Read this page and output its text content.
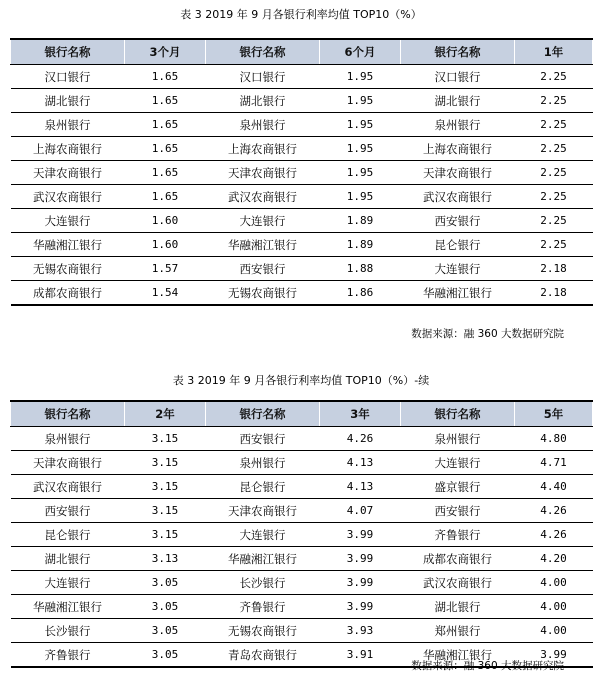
表 3 2019 年 9 月各银行利率均值 TOP10（%）
银行名称	3个月	银行名称	6个月	银行名称	1年
汉口银行	1.65	汉口银行	1.95	汉口银行	2.25
湖北银行	1.65	湖北银行	1.95	湖北银行	2.25
泉州银行	1.65	泉州银行	1.95	泉州银行	2.25
上海农商银行	1.65	上海农商银行	1.95	上海农商银行	2.25
天津农商银行	1.65	天津农商银行	1.95	天津农商银行	2.25
武汉农商银行	1.65	武汉农商银行	1.95	武汉农商银行	2.25
大连银行	1.60	大连银行	1.89	西安银行	2.25
华融湘江银行	1.60	华融湘江银行	1.89	昆仑银行	2.25
无锡农商银行	1.57	西安银行	1.88	大连银行	2.18
成都农商银行	1.54	无锡农商银行	1.86	华融湘江银行	2.18
数据来源：融 360 大数据研究院
表 3 2019 年 9 月各银行利率均值 TOP10（%）-续
银行名称	2年	银行名称	3年	银行名称	5年
泉州银行	3.15	西安银行	4.26	泉州银行	4.80
天津农商银行	3.15	泉州银行	4.13	大连银行	4.71
武汉农商银行	3.15	昆仑银行	4.13	盛京银行	4.40
西安银行	3.15	天津农商银行	4.07	西安银行	4.26
昆仑银行	3.15	大连银行	3.99	齐鲁银行	4.26
湖北银行	3.13	华融湘江银行	3.99	成都农商银行	4.20
大连银行	3.05	长沙银行	3.99	武汉农商银行	4.00
华融湘江银行	3.05	齐鲁银行	3.99	湖北银行	4.00
长沙银行	3.05	无锡农商银行	3.93	郑州银行	4.00
齐鲁银行	3.05	青岛农商银行	3.91	华融湘江银行	3.99
数据来源：融 360 大数据研究院
